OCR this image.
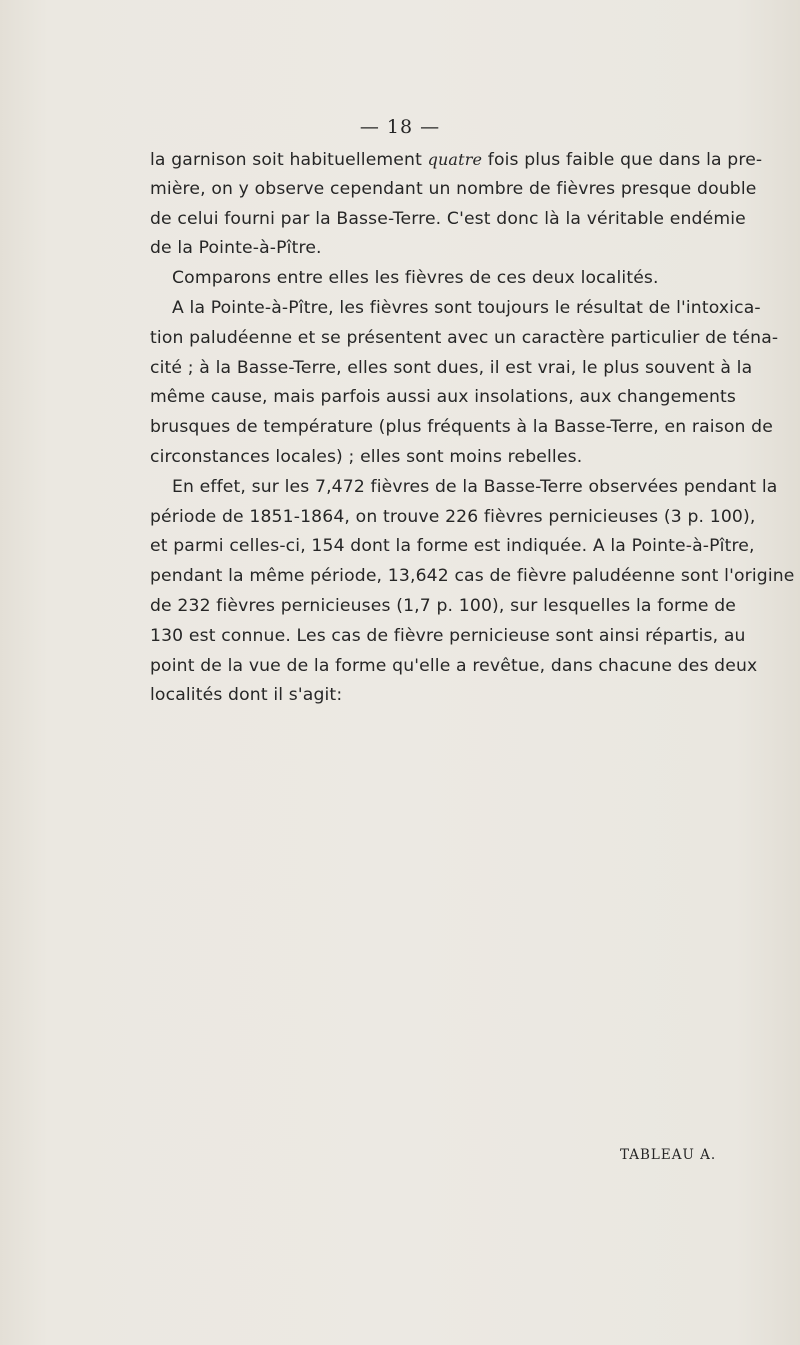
— 18 —
la garnison soit habituellement quatre fois plus faible que dans la pre-
mière, on y observe cependant un nombre de fièvres presque double
de celui fourni par la Basse-Terre. C'est donc là la véritable endémie
de la Pointe-à-Pître.
Comparons entre elles les fièvres de ces deux localités.
A la Pointe-à-Pître, les fièvres sont toujours le résultat de l'intoxica-
tion paludéenne et se présentent avec un caractère particulier de téna-
cité ; à la Basse-Terre, elles sont dues, il est vrai, le plus souvent à la
même cause, mais parfois aussi aux insolations, aux changements
brusques de température (plus fréquents à la Basse-Terre, en raison de
circonstances locales) ; elles sont moins rebelles.
En effet, sur les 7,472 fièvres de la Basse-Terre observées pendant la
période de 1851-1864, on trouve 226 fièvres pernicieuses (3 p. 100),
et parmi celles-ci, 154 dont la forme est indiquée. A la Pointe-à-Pître,
pendant la même période, 13,642 cas de fièvre paludéenne sont l'origine
de 232 fièvres pernicieuses (1,7 p. 100), sur lesquelles la forme de
130 est connue. Les cas de fièvre pernicieuse sont ainsi répartis, au
point de la vue de la forme qu'elle a revêtue, dans chacune des deux
localités dont il s'agit:
TABLEAU A.
